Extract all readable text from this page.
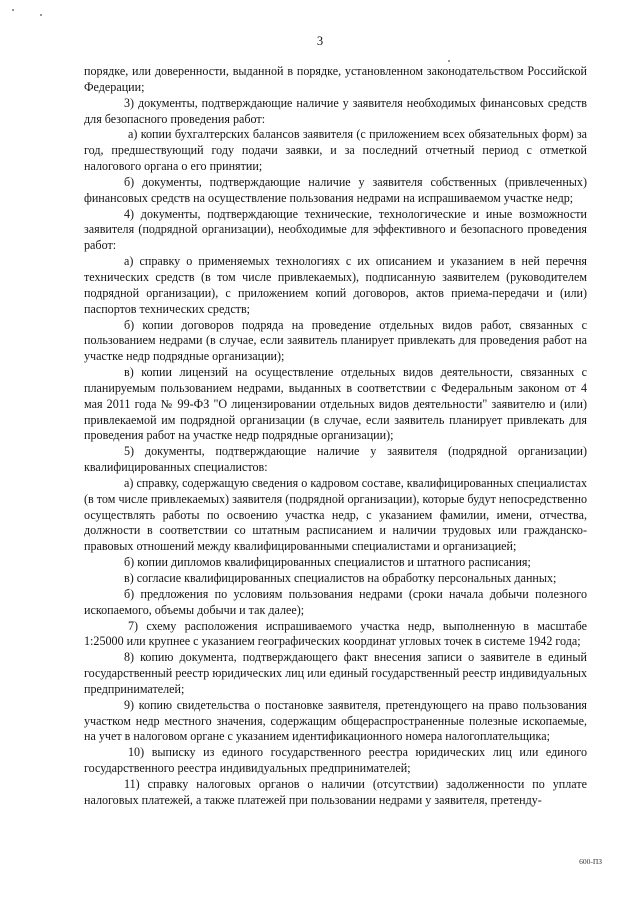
3

порядке, или доверенности, выданной в порядке, установленном законодательством Российской Федерации;

3) документы, подтверждающие наличие у заявителя необходимых финансовых средств для безопасного проведения работ:

а) копии бухгалтерских балансов заявителя (с приложением всех обязательных форм) за год, предшествующий году подачи заявки, и за последний отчетный период с отметкой налогового органа о его принятии;

б) документы, подтверждающие наличие у заявителя собственных (привлеченных) финансовых средств на осуществление пользования недрами на испрашиваемом участке недр;

4) документы, подтверждающие технические, технологические и иные возможности заявителя (подрядной организации), необходимые для эффективного и безопасного проведения работ:

а) справку о применяемых технологиях с их описанием и указанием в ней перечня технических средств (в том числе привлекаемых), подписанную заявителем (руководителем подрядной организации), с приложением копий договоров, актов приема-передачи и (или) паспортов технических средств;

б) копии договоров подряда на проведение отдельных видов работ, связанных с пользованием недрами (в случае, если заявитель планирует привлекать для проведения работ на участке недр подрядные организации);

в) копии лицензий на осуществление отдельных видов деятельности, связанных с планируемым пользованием недрами, выданных в соответствии с Федеральным законом от 4 мая 2011 года № 99-ФЗ "О лицензировании отдельных видов деятельности" заявителю и (или) привлекаемой им подрядной организации (в случае, если заявитель планирует привлекать для проведения работ на участке недр подрядные организации);

5) документы, подтверждающие наличие у заявителя (подрядной организации) квалифицированных специалистов:

а) справку, содержащую сведения о кадровом составе, квалифицированных специалистах (в том числе привлекаемых) заявителя (подрядной организации), которые будут непосредственно осуществлять работы по освоению участка недр, с указанием фамилии, имени, отчества, должности в соответствии со штатным расписанием и наличии трудовых или гражданско-правовых отношений между квалифицированными специалистами и организацией;

б) копии дипломов квалифицированных специалистов и штатного расписания;

в) согласие квалифицированных специалистов на обработку персональных данных;

б) предложения по условиям пользования недрами (сроки начала добычи полезного ископаемого, объемы добычи и так далее);

7) схему расположения испрашиваемого участка недр, выполненную в масштабе 1:25000 или крупнее с указанием географических координат угловых точек в системе 1942 года;

8) копию документа, подтверждающего факт внесения записи о заявителе в единый государственный реестр юридических лиц или единый государственный реестр индивидуальных предпринимателей;

9) копию свидетельства о постановке заявителя, претендующего на право пользования участком недр местного значения, содержащим общераспространенные полезные ископаемые, на учет в налоговом органе с указанием идентификационного номера налогоплательщика;

10) выписку из единого государственного реестра юридических лиц или единого государственного реестра индивидуальных предпринимателей;

11) справку налоговых органов о наличии (отсутствии) задолженности по уплате налоговых платежей, а также платежей при пользовании недрами у заявителя, претенду-

600-ПЗ
